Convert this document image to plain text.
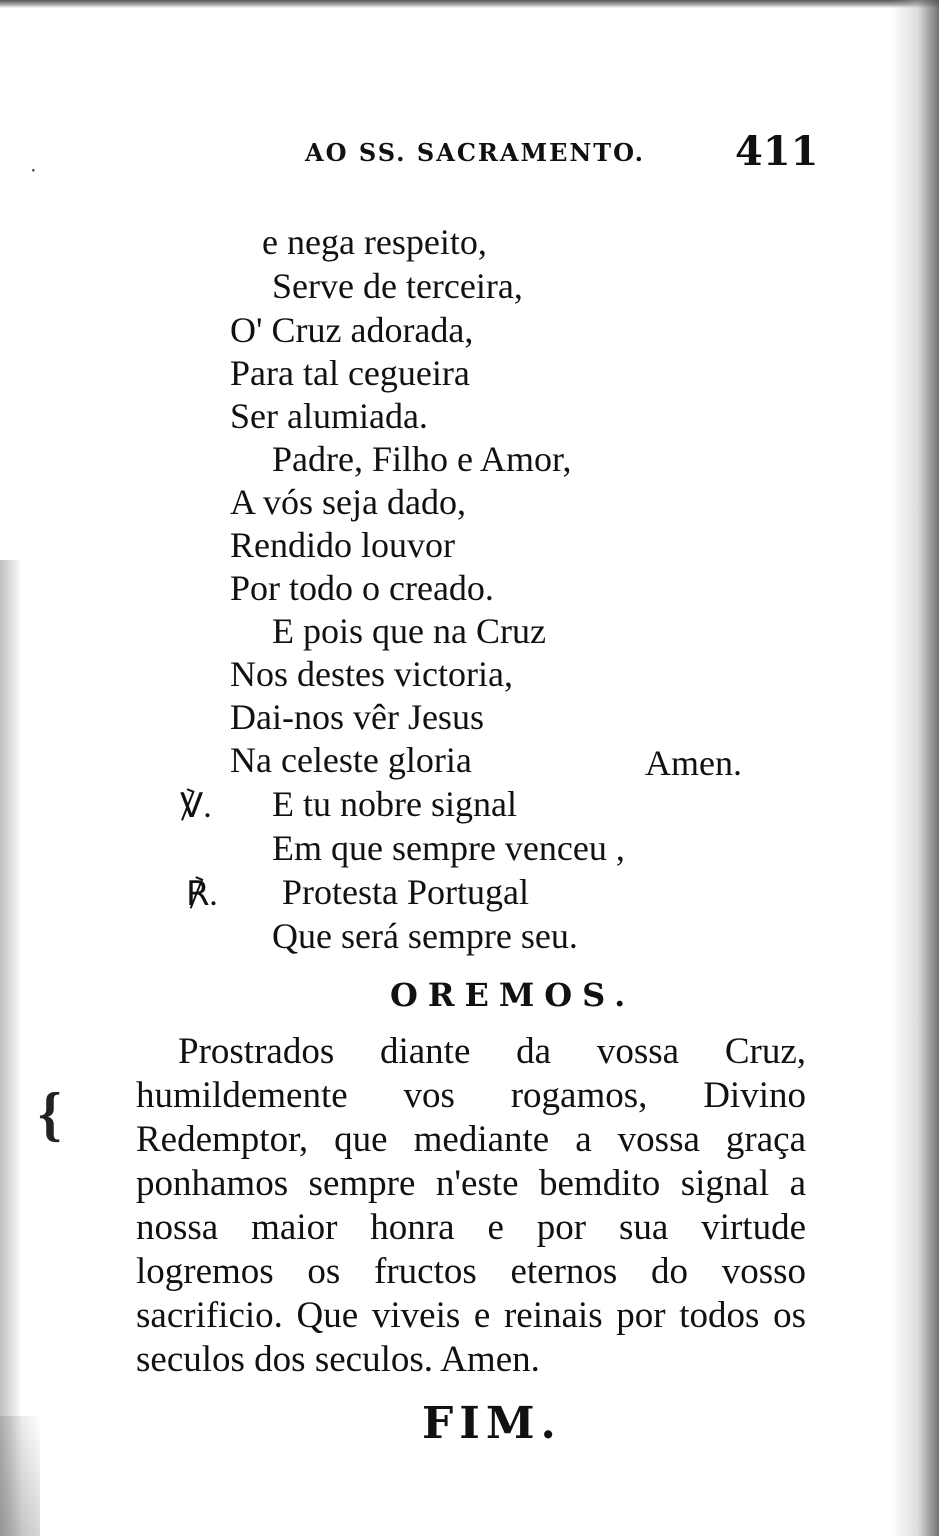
·
{
AO SS. SACRAMENTO. 411
e nega respeito,
Serve de terceira,
O' Cruz adorada,
Para tal cegueira
Ser alumiada.
Padre, Filho e Amor,
A vós seja dado,
Rendido louvor
Por todo o creado.
E pois que na Cruz
Nos destes victoria,
Dai-nos vêr Jesus
Na celeste gloria	Amen.
℣. E tu nobre signal
Em que sempre venceu ,
℟. Protesta Portugal
Que será sempre seu.
OREMOS.
Prostrados diante da vossa Cruz, humildemente vos rogamos, Divino Redemptor, que mediante a vossa graça ponhamos sempre n'este bemdito signal a nossa maior honra e por sua virtude logremos os fructos eternos do vosso sacrificio. Que viveis e reinais por todos os seculos dos seculos. Amen.
FIM.
